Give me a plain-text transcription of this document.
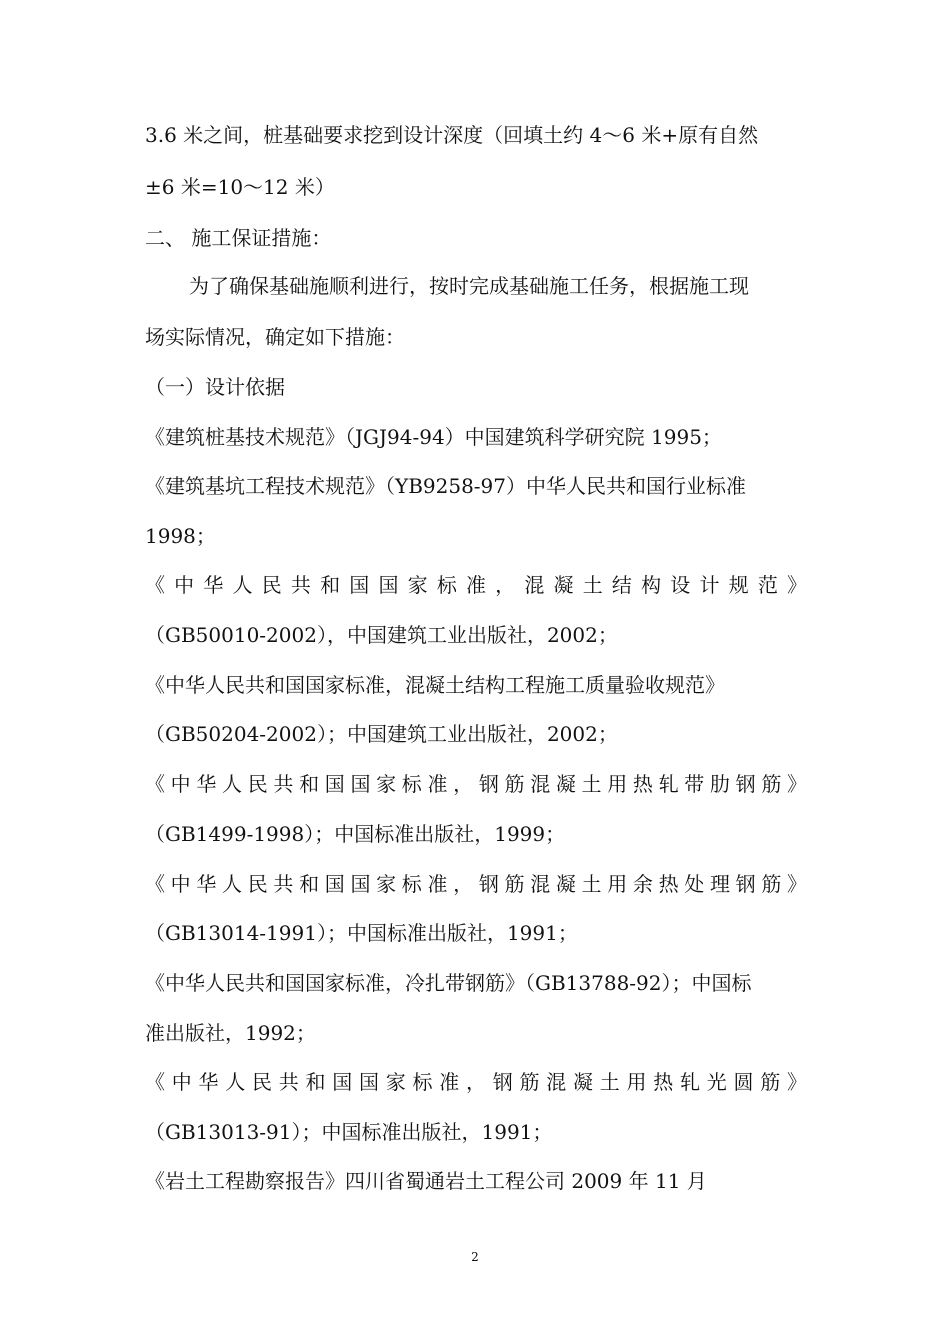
3.6 米之间，桩基础要求挖到设计深度（回填土约 4～6 米+原有自然
±6 米=10～12 米）
二、 施工保证措施：
为了确保基础施顺利进行，按时完成基础施工任务，根据施工现
场实际情况，确定如下措施：
（一）设计依据
《建筑桩基技术规范》（JGJ94-94）中国建筑科学研究院 1995；
《建筑基坑工程技术规范》（YB9258-97）中华人民共和国行业标准
1998；
《中华人民共和国国家标准，混凝土结构设计规范》
（GB50010-2002），中国建筑工业出版社，2002；
《中华人民共和国国家标准，混凝土结构工程施工质量验收规范》
（GB50204-2002）；中国建筑工业出版社，2002；
《中华人民共和国国家标准，钢筋混凝土用热轧带肋钢筋》
（GB1499-1998）；中国标准出版社，1999；
《中华人民共和国国家标准，钢筋混凝土用余热处理钢筋》
（GB13014-1991）；中国标准出版社，1991；
《中华人民共和国国家标准，冷扎带钢筋》（GB13788-92）；中国标
准出版社，1992；
《中华人民共和国国家标准，钢筋混凝土用热轧光圆筋》
（GB13013-91）；中国标准出版社，1991；
《岩土工程勘察报告》四川省蜀通岩土工程公司 2009 年 11 月
2
